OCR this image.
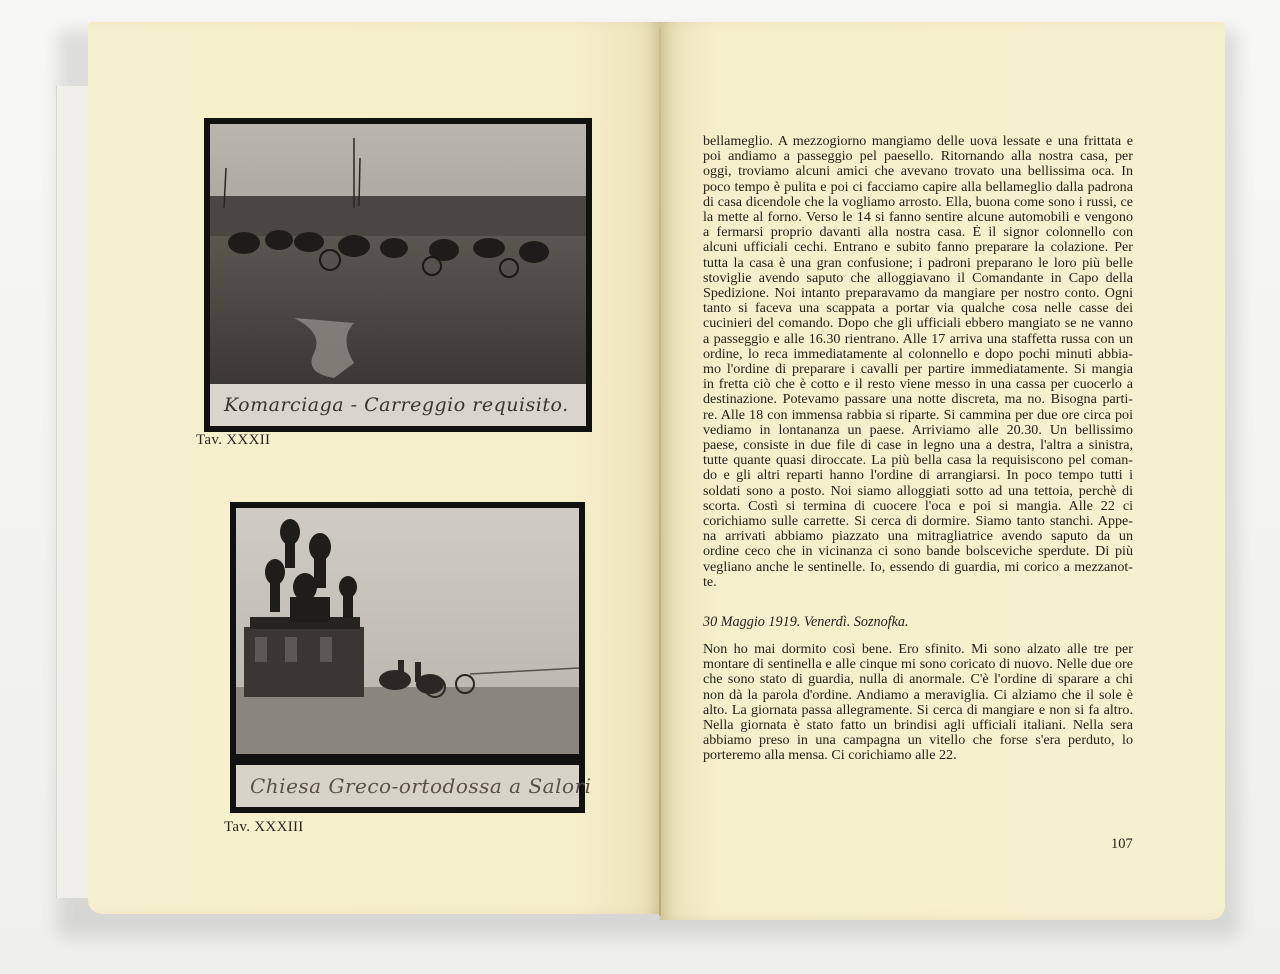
Komarciaga - Carreggio requisito.
Tav. XXXII
Chiesa Greco-ortodossa a Salori
Tav. XXXIII
bellameglio. A mezzogiorno mangiamo delle uova lessate e una frittata e
poi andiamo a passeggio pel paesello. Ritornando alla nostra casa, per
oggi, troviamo alcuni amici che avevano trovato una bellissima oca. In
poco tempo è pulita e poi ci facciamo capire alla bellameglio dalla padrona
di casa dicendole che la vogliamo arrosto. Ella, buona come sono i russi, ce
la mette al forno. Verso le 14 si fanno sentire alcune automobili e vengono
a fermarsi proprio davanti alla nostra casa. È il signor colonnello con
alcuni ufficiali cechi. Entrano e subito fanno preparare la colazione. Per
tutta la casa è una gran confusione; i padroni preparano le loro più belle
stoviglie avendo saputo che alloggiavano il Comandante in Capo della
Spedizione. Noi intanto preparavamo da mangiare per nostro conto. Ogni
tanto si faceva una scappata a portar via qualche cosa nelle casse dei
cucinieri del comando. Dopo che gli ufficiali ebbero mangiato se ne vanno
a passeggio e alle 16.30 rientrano. Alle 17 arriva una staffetta russa con un
ordine, lo reca immediatamente al colonnello e dopo pochi minuti abbia-
mo l'ordine di preparare i cavalli per partire immediatamente. Si mangia
in fretta ciò che è cotto e il resto viene messo in una cassa per cuocerlo a
destinazione. Potevamo passare una notte discreta, ma no. Bisogna parti-
re. Alle 18 con immensa rabbia si riparte. Si cammina per due ore circa poi
vediamo in lontananza un paese. Arriviamo alle 20.30. Un bellissimo
paese, consiste in due file di case in legno una a destra, l'altra a sinistra,
tutte quante quasi diroccate. La più bella casa la requisiscono pel coman-
do e gli altri reparti hanno l'ordine di arrangiarsi. In poco tempo tutti i
soldati sono a posto. Noi siamo alloggiati sotto ad una tettoia, perchè di
scorta. Costì si termina di cuocere l'oca e poi si mangia. Alle 22 ci
corichiamo sulle carrette. Si cerca di dormire. Siamo tanto stanchi. Appe-
na arrivati abbiamo piazzato una mitragliatrice avendo saputo da un
ordine ceco che in vicinanza ci sono bande bolsceviche sperdute. Di più
vegliano anche le sentinelle. Io, essendo di guardia, mi corico a mezzanot-
te.
30 Maggio 1919. Venerdì. Soznofka.
Non ho mai dormito così bene. Ero sfinito. Mi sono alzato alle tre per
montare di sentinella e alle cinque mi sono coricato di nuovo. Nelle due ore
che sono stato di guardia, nulla di anormale. C'è l'ordine di sparare a chi
non dà la parola d'ordine. Andiamo a meraviglia. Ci alziamo che il sole è
alto. La giornata passa allegramente. Si cerca di mangiare e non si fa altro.
Nella giornata è stato fatto un brindisi agli ufficiali italiani. Nella sera
abbiamo preso in una campagna un vitello che forse s'era perduto, lo
porteremo alla mensa. Ci corichiamo alle 22.
107
